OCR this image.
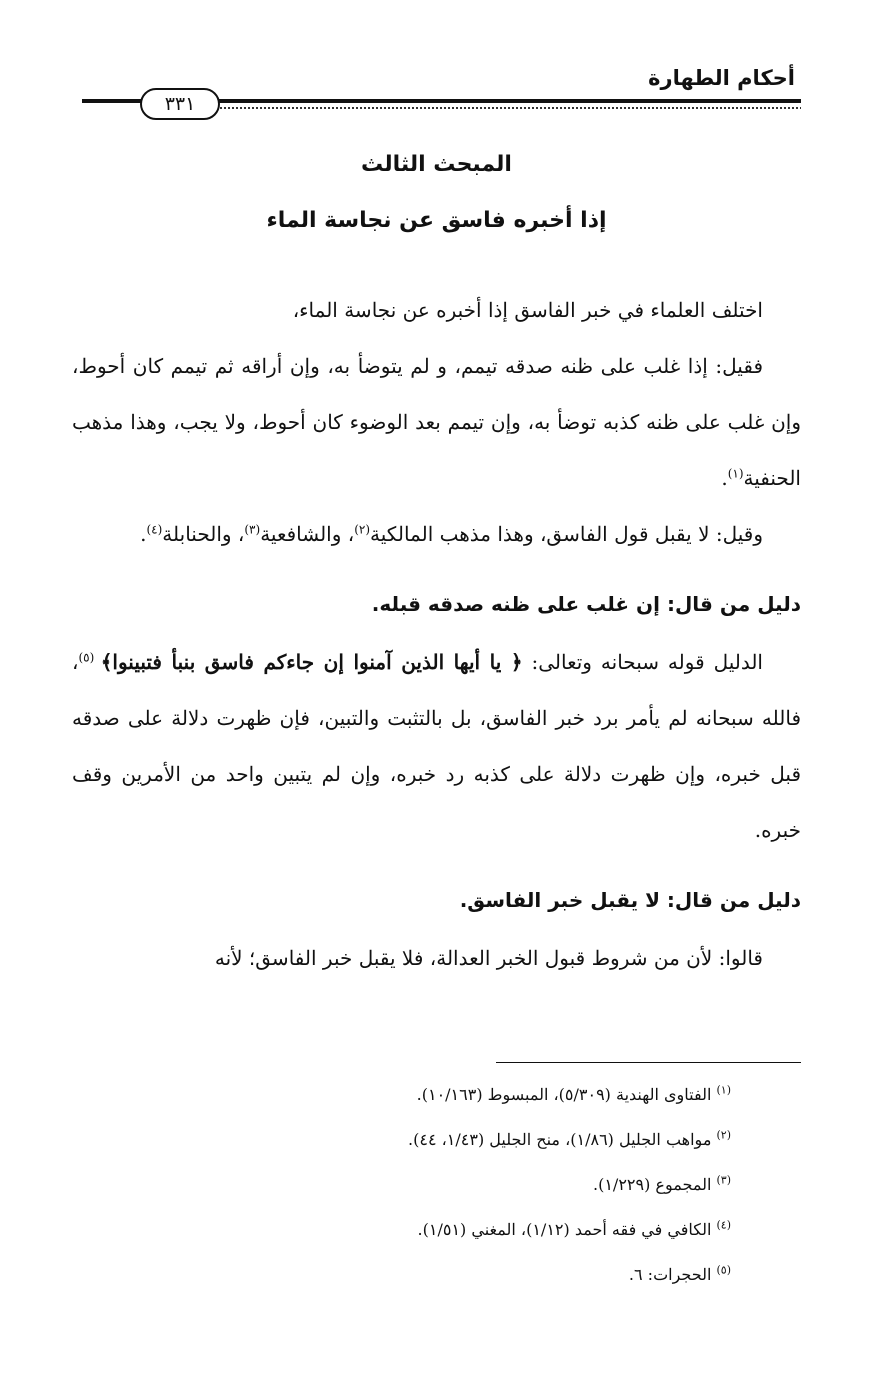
أحكام الطهارة
٣٣١
المبحث الثالث
إذا أخبره فاسق عن نجاسة الماء

اختلف العلماء في خبر الفاسق إذا أخبره عن نجاسة الماء،

فقيل: إذا غلب على ظنه صدقه تيمم، و لم يتوضأ به، وإن أراقه ثم تيمم كان أحوط، وإن غلب على ظنه كذبه توضأ به، وإن تيمم بعد الوضوء كان أحوط، ولا يجب، وهذا مذهب الحنفية$^{(١)}$.

وقيل: لا يقبل قول الفاسق، وهذا مذهب المالكية$^{(٢)}$، والشافعية$^{(٣)}$، والحنابلة$^{(٤)}$.

دليل من قال: إن غلب على ظنه صدقه قبله.

الدليل قوله سبحانه وتعالى: ﴿ يا أيها الذين آمنوا إن جاءكم فاسق بنبأ فتبينوا﴾ $^{(٥)}$، فالله سبحانه لم يأمر برد خبر الفاسق، بل بالتثبت والتبين، فإن ظهرت دلالة على صدقه قبل خبره، وإن ظهرت دلالة على كذبه رد خبره، وإن لم يتبين واحد من الأمرين وقف خبره.

دليل من قال: لا يقبل خبر الفاسق.

قالوا: لأن من شروط قبول الخبر العدالة، فلا يقبل خبر الفاسق؛ لأنه

$^{(١)}$ الفتاوى الهندية (٥/٣٠٩)، المبسوط (١٠/١٦٣).

$^{(٢)}$ مواهب الجليل (١/٨٦)، منح الجليل (١/٤٣، ٤٤).

$^{(٣)}$ المجموع (١/٢٢٩).

$^{(٤)}$ الكافي في فقه أحمد (١/١٢)، المغني (١/٥١).

$^{(٥)}$ الحجرات: ٦.
